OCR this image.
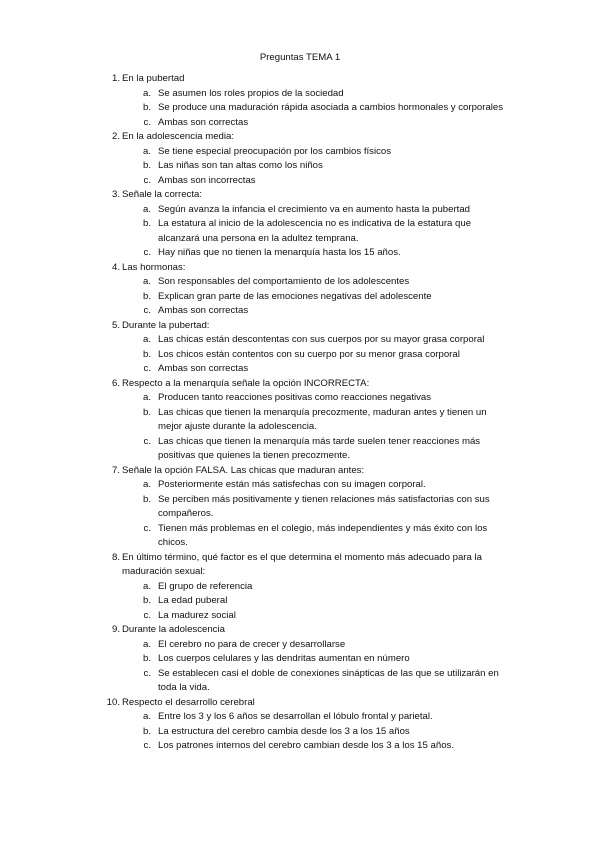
Preguntas TEMA 1
1. En la pubertad
a. Se asumen los roles propios de la sociedad
b. Se produce una maduración rápida asociada a cambios hormonales y corporales
c. Ambas son correctas
2. En la adolescencia media:
a. Se tiene especial preocupación por los cambios físicos
b. Las niñas son tan altas como los niños
c. Ambas son incorrectas
3. Señale la correcta:
a. Según avanza la infancia el crecimiento va en aumento hasta la pubertad
b. La estatura al inicio de la adolescencia no es indicativa de la estatura que alcanzará una persona en la adultez temprana.
c. Hay niñas que no tienen la menarquía hasta los 15 años.
4. Las hormonas:
a. Son responsables del comportamiento de los adolescentes
b. Explican gran parte de las emociones negativas del adolescente
c. Ambas son correctas
5. Durante la pubertad:
a. Las chicas están descontentas con sus cuerpos por su mayor grasa corporal
b. Los chicos están contentos con su cuerpo por su menor grasa corporal
c. Ambas son correctas
6. Respecto a la menarquía señale la opción INCORRECTA:
a. Producen tanto reacciones positivas como reacciones negativas
b. Las chicas que tienen la menarquía precozmente, maduran antes y tienen un mejor ajuste durante la adolescencia.
c. Las chicas que tienen la menarquía más tarde suelen tener reacciones más positivas que quienes la tienen precozmente.
7. Señale la opción FALSA. Las chicas que maduran antes:
a. Posteriormente están más satisfechas con su imagen corporal.
b. Se perciben más positivamente y tienen relaciones más satisfactorias con sus compañeros.
c. Tienen más problemas en el colegio, más independientes y más éxito con los chicos.
8. En último término, qué factor es el que determina el momento más adecuado para la maduración sexual:
a. El grupo de referencia
b. La edad puberal
c. La madurez social
9. Durante la adolescencia
a. El cerebro no para de crecer y desarrollarse
b. Los cuerpos celulares y las dendritas aumentan en número
c. Se establecen casi el doble de conexiones sinápticas de las que se utilizarán en toda la vida.
10. Respecto el desarrollo cerebral
a. Entre los 3 y los 6 años se desarrollan el lóbulo frontal y parietal.
b. La estructura del cerebro cambia desde los 3 a los 15 años
c. Los patrones internos del cerebro cambian desde los 3 a los 15 años.
